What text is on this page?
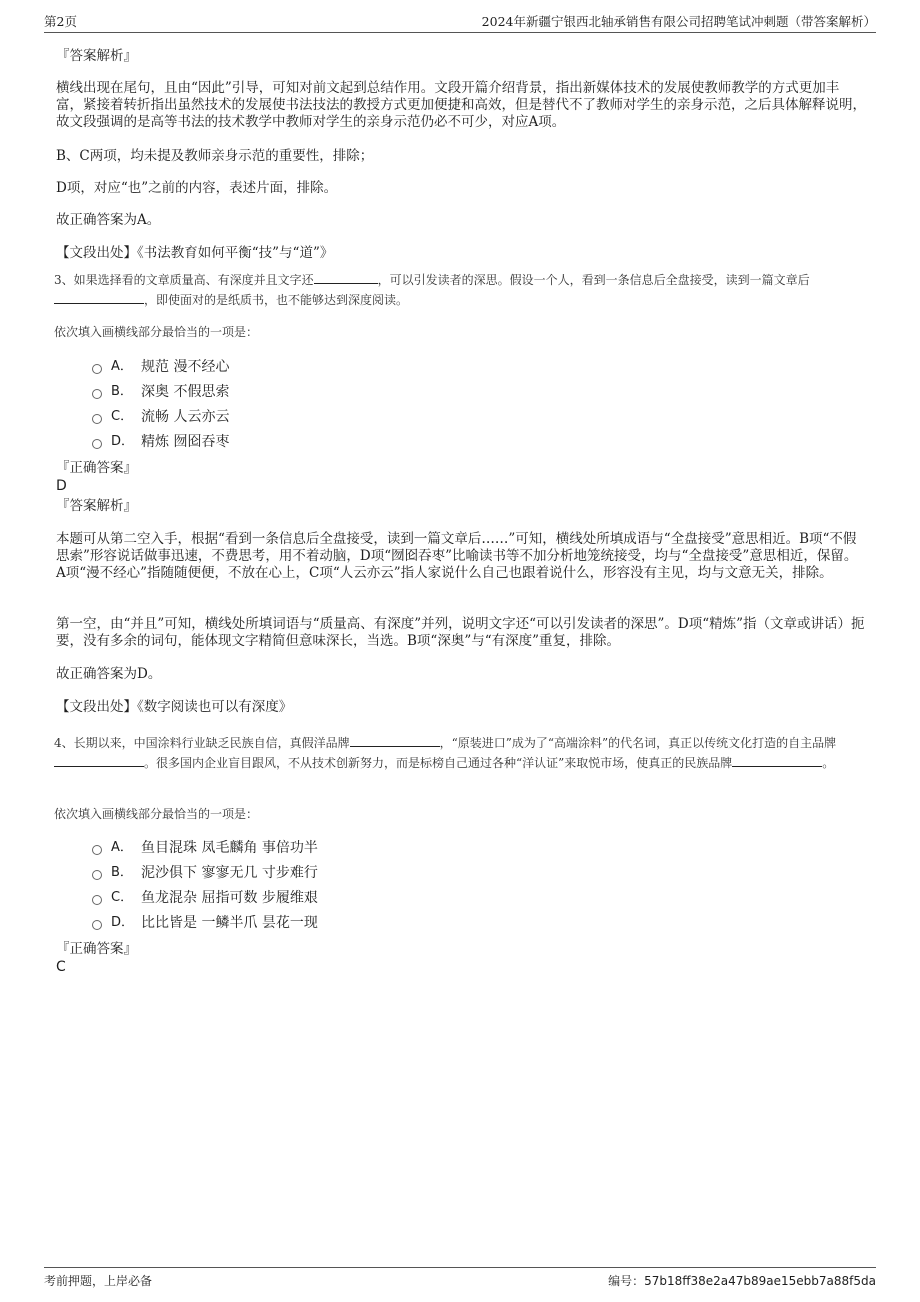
第2页	2024年新疆宁银西北轴承销售有限公司招聘笔试冲刺题（带答案解析）
『答案解析』
横线出现在尾句，且由“因此”引导，可知对前文起到总结作用。文段开篇介绍背景，指出新媒体技术的发展使教师教学的方式更加丰富，紧接着转折指出虽然技术的发展使书法技法的教授方式更加便捷和高效，但是替代不了教师对学生的亲身示范，之后具体解释说明，故文段强调的是高等书法的技术教学中教师对学生的亲身示范仍必不可少，对应A项。
B、C两项，均未提及教师亲身示范的重要性，排除；
D项，对应“也”之前的内容，表述片面，排除。
故正确答案为A。
【文段出处】《书法教育如何平衡“技”与“道”》
3、如果选择看的文章质量高、有深度并且文字还	，可以引发读者的深思。假设一个人，看到一条信息后全盘接受，读到一篇文章后，即使面对的是纸质书，也不能够达到深度阅读。
依次填入画横线部分最恰当的一项是：
A． 规范 漫不经心
B． 深奥 不假思索
C． 流畅 人云亦云
D． 精炼 囫囵吞枣
『正确答案』
D
『答案解析』
本题可从第二空入手，根据“看到一条信息后全盘接受，读到一篇文章后……”可知，横线处所填成语与“全盘接受”意思相近。B项“不假思索”形容说话做事迅速，不费思考，用不着动脑，D项“囫囵吞枣”比喻读书等不加分析地笼统接受，均与“全盘接受”意思相近，保留。A项“漫不经心”指随随便便，不放在心上，C项“人云亦云”指人家说什么自己也跟着说什么，形容没有主见，均与文意无关，排除。
第一空，由“并且”可知，横线处所填词语与“质量高、有深度”并列，说明文字还“可以引发读者的深思”。D项“精炼”指（文章或讲话）扼要，没有多余的词句，能体现文字精简但意味深长，当选。B项“深奥”与“有深度”重复，排除。
故正确答案为D。
【文段出处】《数字阅读也可以有深度》
4、长期以来，中国涂料行业缺乏民族自信，真假洋品牌	，“原装进口”成为了“高端涂料”的代名词，真正以传统文化打造的自主品牌。很多国内企业盲目跟风，不从技术创新努力，而是标榜自己通过各种“洋认证”来取悦市场，使真正的民族品牌	。
依次填入画横线部分最恰当的一项是：
A． 鱼目混珠 凤毛麟角 事倍功半
B． 泥沙俱下 寥寥无几 寸步难行
C． 鱼龙混杂 屈指可数 步履维艰
D． 比比皆是 一鳞半爪 昙花一现
『正确答案』
C
考前押题，上岸必备	编号：57b18ff38e2a47b89ae15ebb7a88f5da
